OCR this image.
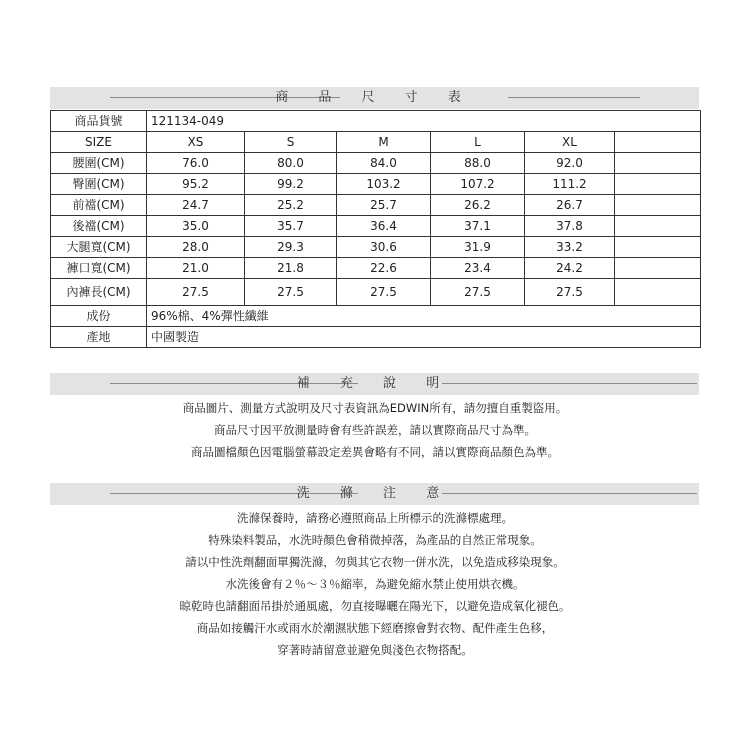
商 品 尺 寸 表
商品貨號	121134-049					
SIZE	XS	S	M	L	XL	
腰圍(CM)	76.0	80.0	84.0	88.0	92.0	
臀圍(CM)	95.2	99.2	103.2	107.2	111.2	
前襠(CM)	24.7	25.2	25.7	26.2	26.7	
後襠(CM)	35.0	35.7	36.4	37.1	37.8	
大腿寬(CM)	28.0	29.3	30.6	31.9	33.2	
褲口寬(CM)	21.0	21.8	22.6	23.4	24.2	
內褲長(CM)	27.5	27.5	27.5	27.5	27.5	
成份	96%棉、4%彈性纖維					
產地	中國製造					
補 充 說 明

商品圖片、測量方式說明及尺寸表資訊為EDWIN所有，請勿擅自重製盜用。

商品尺寸因平放測量時會有些許誤差，請以實際商品尺寸為準。

商品圖檔顏色因電腦螢幕設定差異會略有不同，請以實際商品顏色為準。

洗 滌 注 意

洗滌保養時，請務必遵照商品上所標示的洗滌標處理。

特殊染料製品，水洗時顏色會稍微掉落，為產品的自然正常現象。

請以中性洗劑翻面單獨洗滌，勿與其它衣物一併水洗，以免造成移染現象。

水洗後會有２％～３％縮率，為避免縮水禁止使用烘衣機。

晾乾時也請翻面吊掛於通風處，勿直接曝曬在陽光下，以避免造成氧化褪色。

商品如接觸汗水或雨水於潮濕狀態下經磨擦會對衣物、配件產生色移，

穿著時請留意並避免與淺色衣物搭配。
